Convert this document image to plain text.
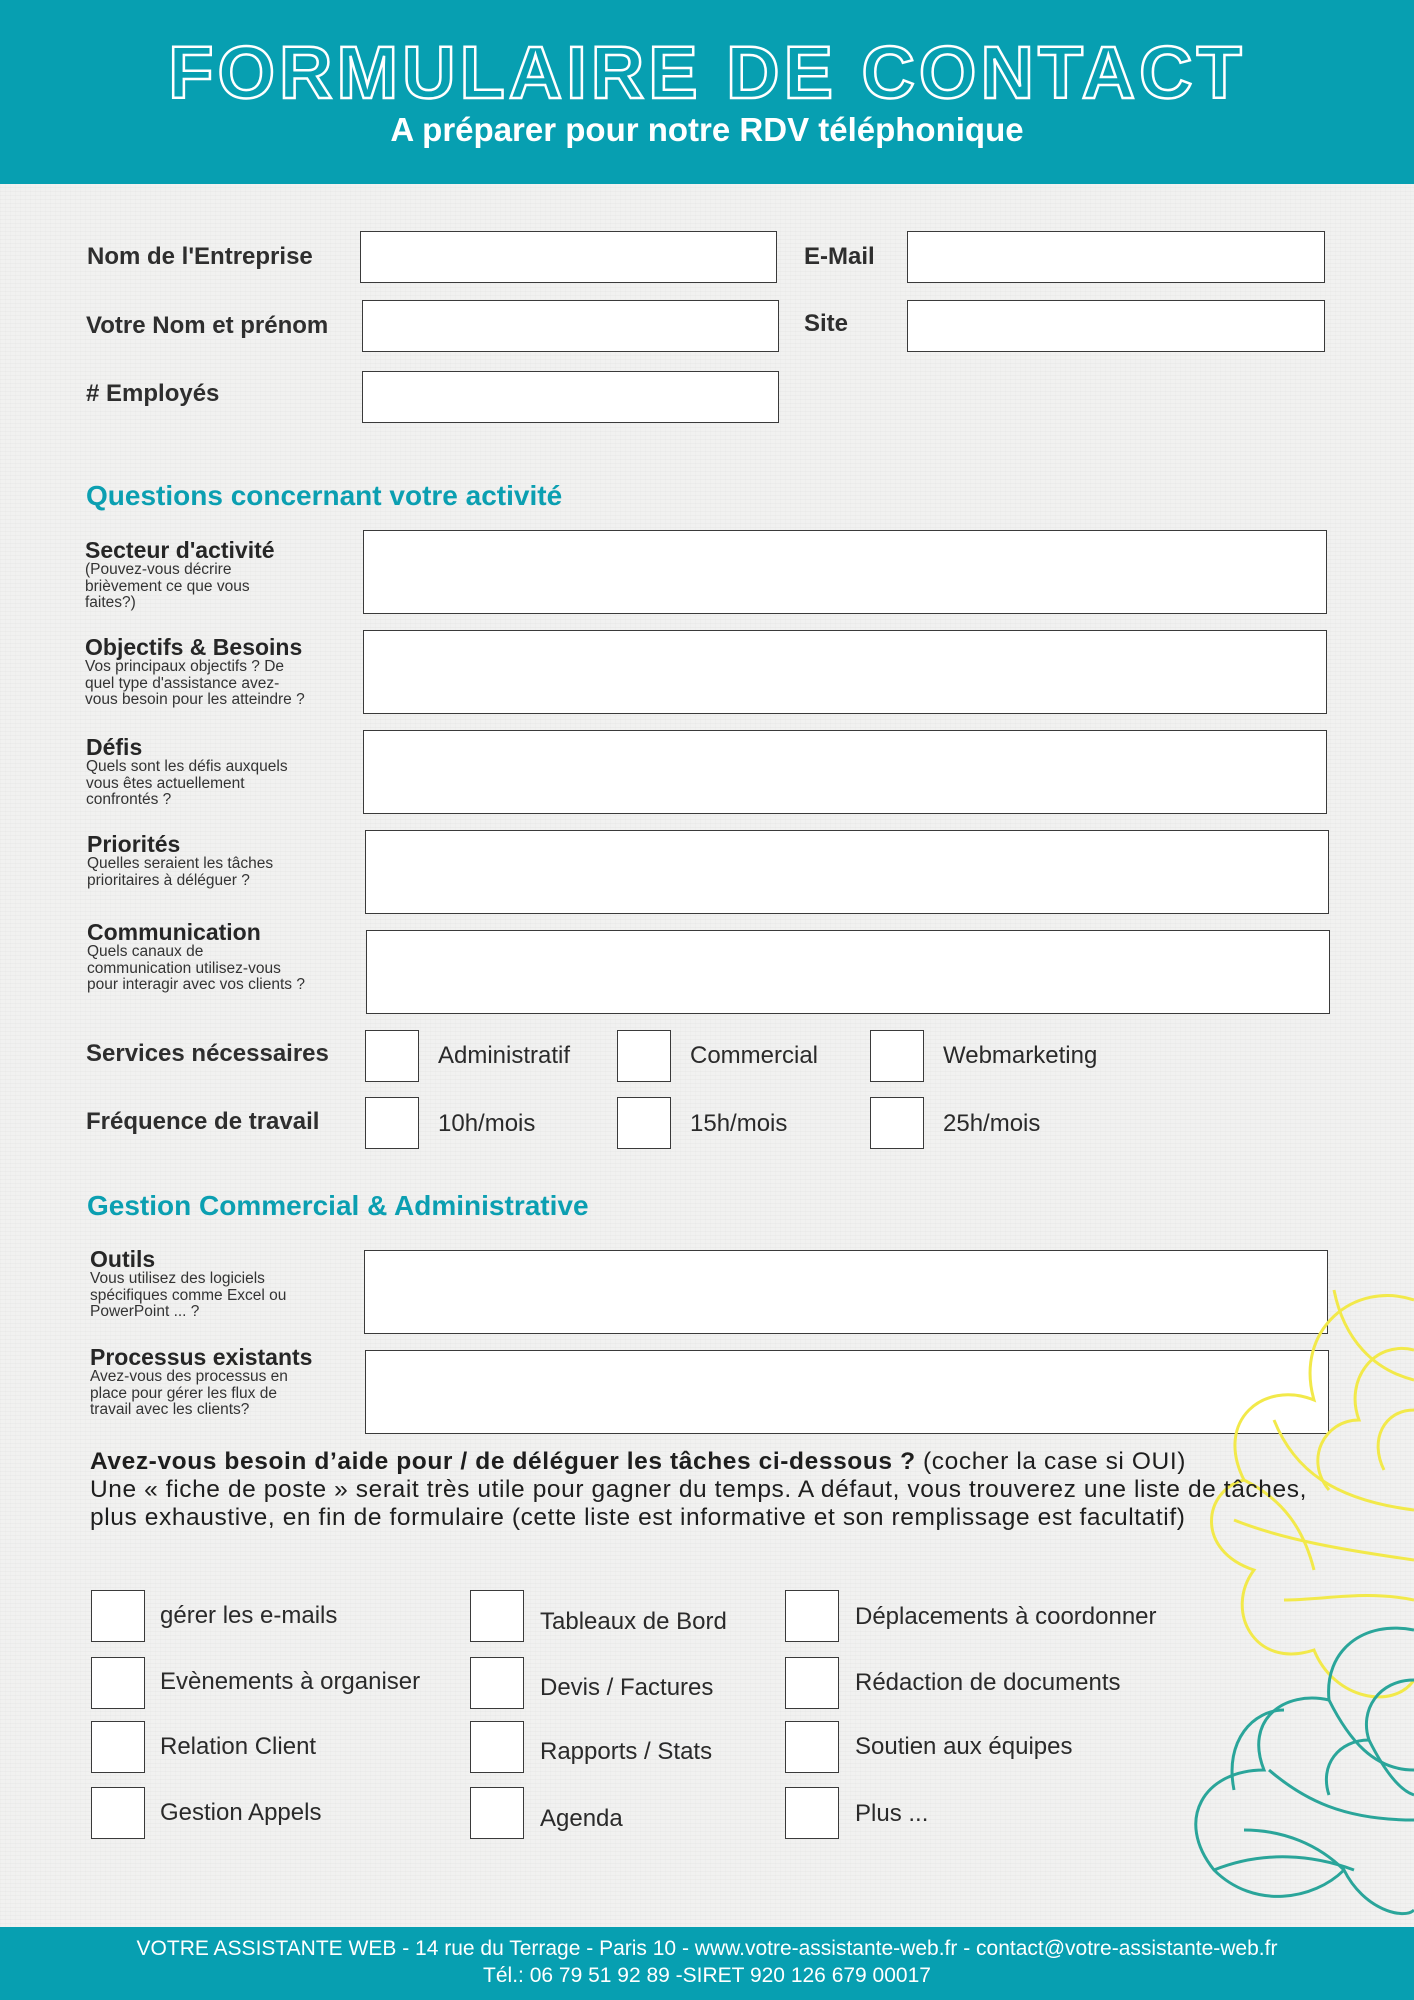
FORMULAIRE DE CONTACT
A préparer pour notre RDV téléphonique
Nom de l'Entreprise	E-Mail
Votre Nom et prénom	Site
# Employés
Questions concernant votre activité
Secteur d'activité
(Pouvez-vous décrire
brièvement ce que vous
faites?)
Objectifs & Besoins
Vos principaux objectifs ? De
quel type d'assistance avez-
vous besoin pour les atteindre ?
Défis
Quels sont les défis auxquels
vous êtes actuellement
confrontés ?
Priorités
Quelles seraient les tâches
prioritaires à déléguer ?
Communication
Quels canaux de
communication utilisez-vous
pour interagir avec vos clients ?
Services nécessaires	Administratif	Commercial	Webmarketing
Fréquence de travail	10h/mois	15h/mois	25h/mois
Gestion Commercial & Administrative
Outils
Vous utilisez des logiciels
spécifiques comme Excel ou
PowerPoint ... ?
Processus existants
Avez-vous des processus en
place pour gérer les flux de
travail avec les clients?
Avez-vous besoin d’aide pour / de déléguer les tâches ci-dessous ? (cocher la case si OUI)
Une « fiche de poste » serait très utile pour gagner du temps. A défaut, vous trouverez une liste de tâches, plus exhaustive, en fin de formulaire (cette liste est informative et son remplissage est facultatif)
gérer les e-mails	Tableaux de Bord	Déplacements à coordonner
Evènements à organiser	Devis / Factures	Rédaction de documents
Relation Client	Rapports / Stats	Soutien aux équipes
Gestion Appels	Agenda	Plus ...
VOTRE ASSISTANTE WEB - 14 rue du Terrage - Paris 10 - www.votre-assistante-web.fr - contact@votre-assistante-web.fr
Tél.: 06 79 51 92 89 -SIRET 920 126 679 00017
